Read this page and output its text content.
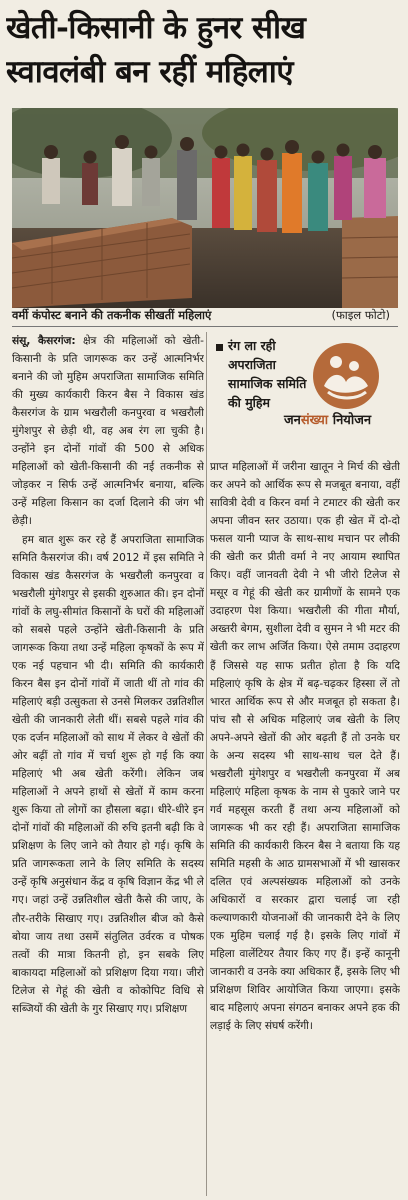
खेती-किसानी के हुनर सीख
स्वावलंबी बन रहीं महिलाएं
वर्मी कंपोस्ट बनाने की तकनीक सीखतीं महिलाएं	(फाइल फोटो)

संसू, कैसरगंज: क्षेत्र की महिलाओं को खेती-किसानी के प्रति जागरूक कर उन्हें आत्मनिर्भर बनाने की जो मुहिम अपराजिता सामाजिक समिति की मुख्य कार्यकारी किरन बैस ने विकास खंड कैसरगंज के ग्राम भखरौली कनपुरवा व भखरौली मुंगेशपुर से छेड़ी थी, वह अब रंग ला चुकी है। उन्होंने इन दोनों गांवों की 500 से अधिक महिलाओं को खेती-किसानी की नई तकनीक से जोड़कर न सिर्फ उन्हें आत्मनिर्भर बनाया, बल्कि उन्हें महिला किसान का दर्जा दिलाने की जंग भी छेड़ी।

हम बात शुरू कर रहे हैं अपराजिता सामाजिक समिति कैसरगंज की। वर्ष 2012 में इस समिति ने विकास खंड कैसरगंज के भखरौली कनपुरवा व भखरौली मुंगेशपुर से इसकी शुरुआत की। इन दोनों गांवों के लघु-सीमांत किसानों के घरों की महिलाओं को सबसे पहले उन्होंने खेती-किसानी के प्रति जागरूक किया तथा उन्हें महिला कृषकों के रूप में एक नई पहचान भी दी। समिति की कार्यकारी किरन बैस इन दोनों गांवों में जाती थीं तो गांव की महिलाएं बड़ी उत्सुकता से उनसे मिलकर उन्नतिशील खेती की जानकारी लेती थीं। सबसे पहले गांव की एक दर्जन महिलाओं को साथ में लेकर वे खेतों की ओर बढ़ीं तो गांव में चर्चा शुरू हो गई कि क्या महिलाएं भी अब खेती करेंगी। लेकिन जब महिलाओं ने अपने हाथों से खेतों में काम करना शुरू किया तो लोगों का हौसला बढ़ा। धीरे-धीरे इन दोनों गांवों की महिलाओं की रुचि इतनी बढ़ी कि वे प्रशिक्षण के लिए जाने को तैयार हो गई। कृषि के प्रति जागरूकता लाने के लिए समिति के सदस्य उन्हें कृषि अनुसंधान केंद्र व कृषि विज्ञान केंद्र भी ले गए। जहां उन्हें उन्नतिशील खेती कैसे की जाए, के तौर-तरीके सिखाए गए। उन्नतिशील बीज को कैसे बोया जाय तथा उसमें संतुलित उर्वरक व पोषक तत्वों की मात्रा कितनी हो, इन सबके लिए बाकायदा महिलाओं को प्रशिक्षण दिया गया। जीरो टिलेज से गेहूं की खेती व कोकोपिट विधि से सब्जियों की खेती के गुर सिखाए गए। प्रशिक्षण

रंग ला रही अपराजिता सामाजिक समिति की मुहिम
जनसंख्या नियोजन

प्राप्त महिलाओं में जरीना खातून ने मिर्च की खेती कर अपने को आर्थिक रूप से मजबूत बनाया, वहीं सावित्री देवी व किरन वर्मा ने टमाटर की खेती कर अपना जीवन स्तर उठाया। एक ही खेत में दो-दो फसल यानी प्याज के साथ-साथ मचान पर लौकी की खेती कर प्रीती वर्मा ने नए आयाम स्थापित किए। वहीं जानवती देवी ने भी जीरो टिलेज से मसूर व गेहूं की खेती कर ग्रामीणों के सामने एक उदाहरण पेश किया। भखरौली की गीता मौर्या, अख्तरी बेगम, सुशीला देवी व सुमन ने भी मटर की खेती कर लाभ अर्जित किया। ऐसे तमाम उदाहरण हैं जिससे यह साफ प्रतीत होता है कि यदि महिलाएं कृषि के क्षेत्र में बढ़-चढ़कर हिस्सा लें तो भारत आर्थिक रूप से और मजबूत हो सकता है। पांच सौ से अधिक महिलाएं जब खेती के लिए अपने-अपने खेतों की ओर बढ़ती हैं तो उनके घर के अन्य सदस्य भी साथ-साथ चल देते हैं। भखरौली मुंगेशपुर व भखरौली कनपुरवा में अब महिलाएं महिला कृषक के नाम से पुकारे जाने पर गर्व महसूस करती हैं तथा अन्य महिलाओं को जागरूक भी कर रही हैं। अपराजिता सामाजिक समिति की कार्यकारी किरन बैस ने बताया कि यह समिति महसी के आठ ग्रामसभाओं में भी खासकर दलित एवं अल्पसंख्यक महिलाओं को उनके अधिकारों व सरकार द्वारा चलाई जा रही कल्याणकारी योजनाओं की जानकारी देने के लिए एक मुहिम चलाई गई है। इसके लिए गांवों में महिला वालेंटियर तैयार किए गए हैं। इन्हें कानूनी जानकारी व उनके क्या अधिकार हैं, इसके लिए भी प्रशिक्षण शिविर आयोजित किया जाएगा। इसके बाद महिलाएं अपना संगठन बनाकर अपने हक की लड़ाई के लिए संघर्ष करेंगी।
